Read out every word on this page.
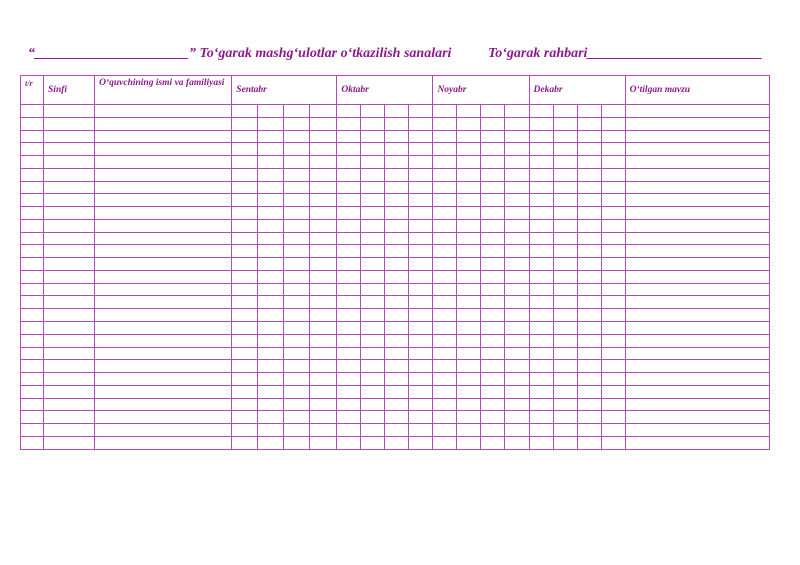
“______________________” To‘garak mashg‘ulotlar o‘tkazilish sanalari	To‘garak rahbari_________________________
t/r	Sinfi	O‘quvchining ismi va familiyasi	Sentabr				Oktabr				Noyabr				Dekabr				O‘tilgan mavzu
